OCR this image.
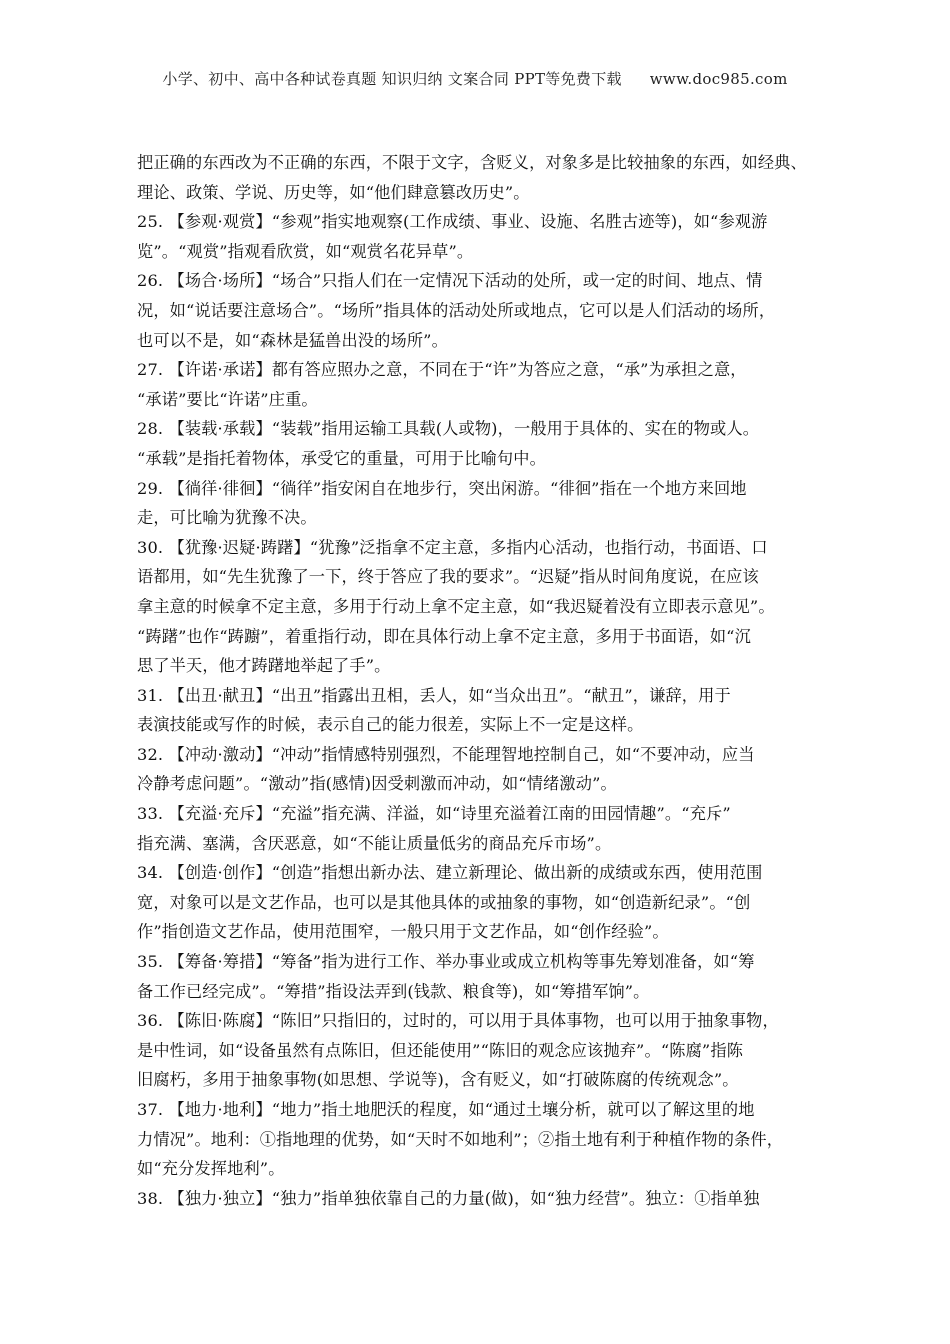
小学、初中、高中各种试卷真题 知识归纳 文案合同 PPT等免费下载 www.doc985.com
把正确的东西改为不正确的东西，不限于文字，含贬义，对象多是比较抽象的东西，如经典、
理论、政策、学说、历史等，如“他们肆意篡改历史”。
25. 【参观·观赏】“参观”指实地观察(工作成绩、事业、设施、名胜古迹等)，如“参观游
览”。“观赏”指观看欣赏，如“观赏名花异草”。
26. 【场合·场所】“场合”只指人们在一定情况下活动的处所，或一定的时间、地点、情
况，如“说话要注意场合”。“场所”指具体的活动处所或地点，它可以是人们活动的场所，
也可以不是，如“森林是猛兽出没的场所”。
27. 【许诺·承诺】都有答应照办之意，不同在于“许”为答应之意，“承”为承担之意，
“承诺”要比“许诺”庄重。
28. 【装载·承载】“装载”指用运输工具载(人或物)，一般用于具体的、实在的物或人。
“承载”是指托着物体，承受它的重量，可用于比喻句中。
29. 【徜徉·徘徊】“徜徉”指安闲自在地步行，突出闲游。“徘徊”指在一个地方来回地
走，可比喻为犹豫不决。
30. 【犹豫·迟疑·踌躇】“犹豫”泛指拿不定主意，多指内心活动，也指行动，书面语、口
语都用，如“先生犹豫了一下，终于答应了我的要求”。“迟疑”指从时间角度说，在应该
拿主意的时候拿不定主意，多用于行动上拿不定主意，如“我迟疑着没有立即表示意见”。
“踌躇”也作“踌躕”，着重指行动，即在具体行动上拿不定主意，多用于书面语，如“沉
思了半天，他才踌躇地举起了手”。
31. 【出丑·献丑】“出丑”指露出丑相，丢人，如“当众出丑”。“献丑”，谦辞，用于
表演技能或写作的时候，表示自己的能力很差，实际上不一定是这样。
32. 【冲动·激动】“冲动”指情感特别强烈，不能理智地控制自己，如“不要冲动，应当
冷静考虑问题”。“激动”指(感情)因受刺激而冲动，如“情绪激动”。
33. 【充溢·充斥】“充溢”指充满、洋溢，如“诗里充溢着江南的田园情趣”。“充斥”
指充满、塞满，含厌恶意，如“不能让质量低劣的商品充斥市场”。
34. 【创造·创作】“创造”指想出新办法、建立新理论、做出新的成绩或东西，使用范围
宽，对象可以是文艺作品，也可以是其他具体的或抽象的事物，如“创造新纪录”。“创
作”指创造文艺作品，使用范围窄，一般只用于文艺作品，如“创作经验”。
35. 【筹备·筹措】“筹备”指为进行工作、举办事业或成立机构等事先筹划准备，如“筹
备工作已经完成”。“筹措”指设法弄到(钱款、粮食等)，如“筹措军饷”。
36. 【陈旧·陈腐】“陈旧”只指旧的，过时的，可以用于具体事物，也可以用于抽象事物，
是中性词，如“设备虽然有点陈旧，但还能使用”“陈旧的观念应该抛弃”。“陈腐”指陈
旧腐朽，多用于抽象事物(如思想、学说等)，含有贬义，如“打破陈腐的传统观念”。
37. 【地力·地利】“地力”指土地肥沃的程度，如“通过土壤分析，就可以了解这里的地
力情况”。地利：①指地理的优势，如“天时不如地利”；②指土地有利于种植作物的条件，
如“充分发挥地利”。
38. 【独力·独立】“独力”指单独依靠自己的力量(做)，如“独力经营”。独立：①指单独
